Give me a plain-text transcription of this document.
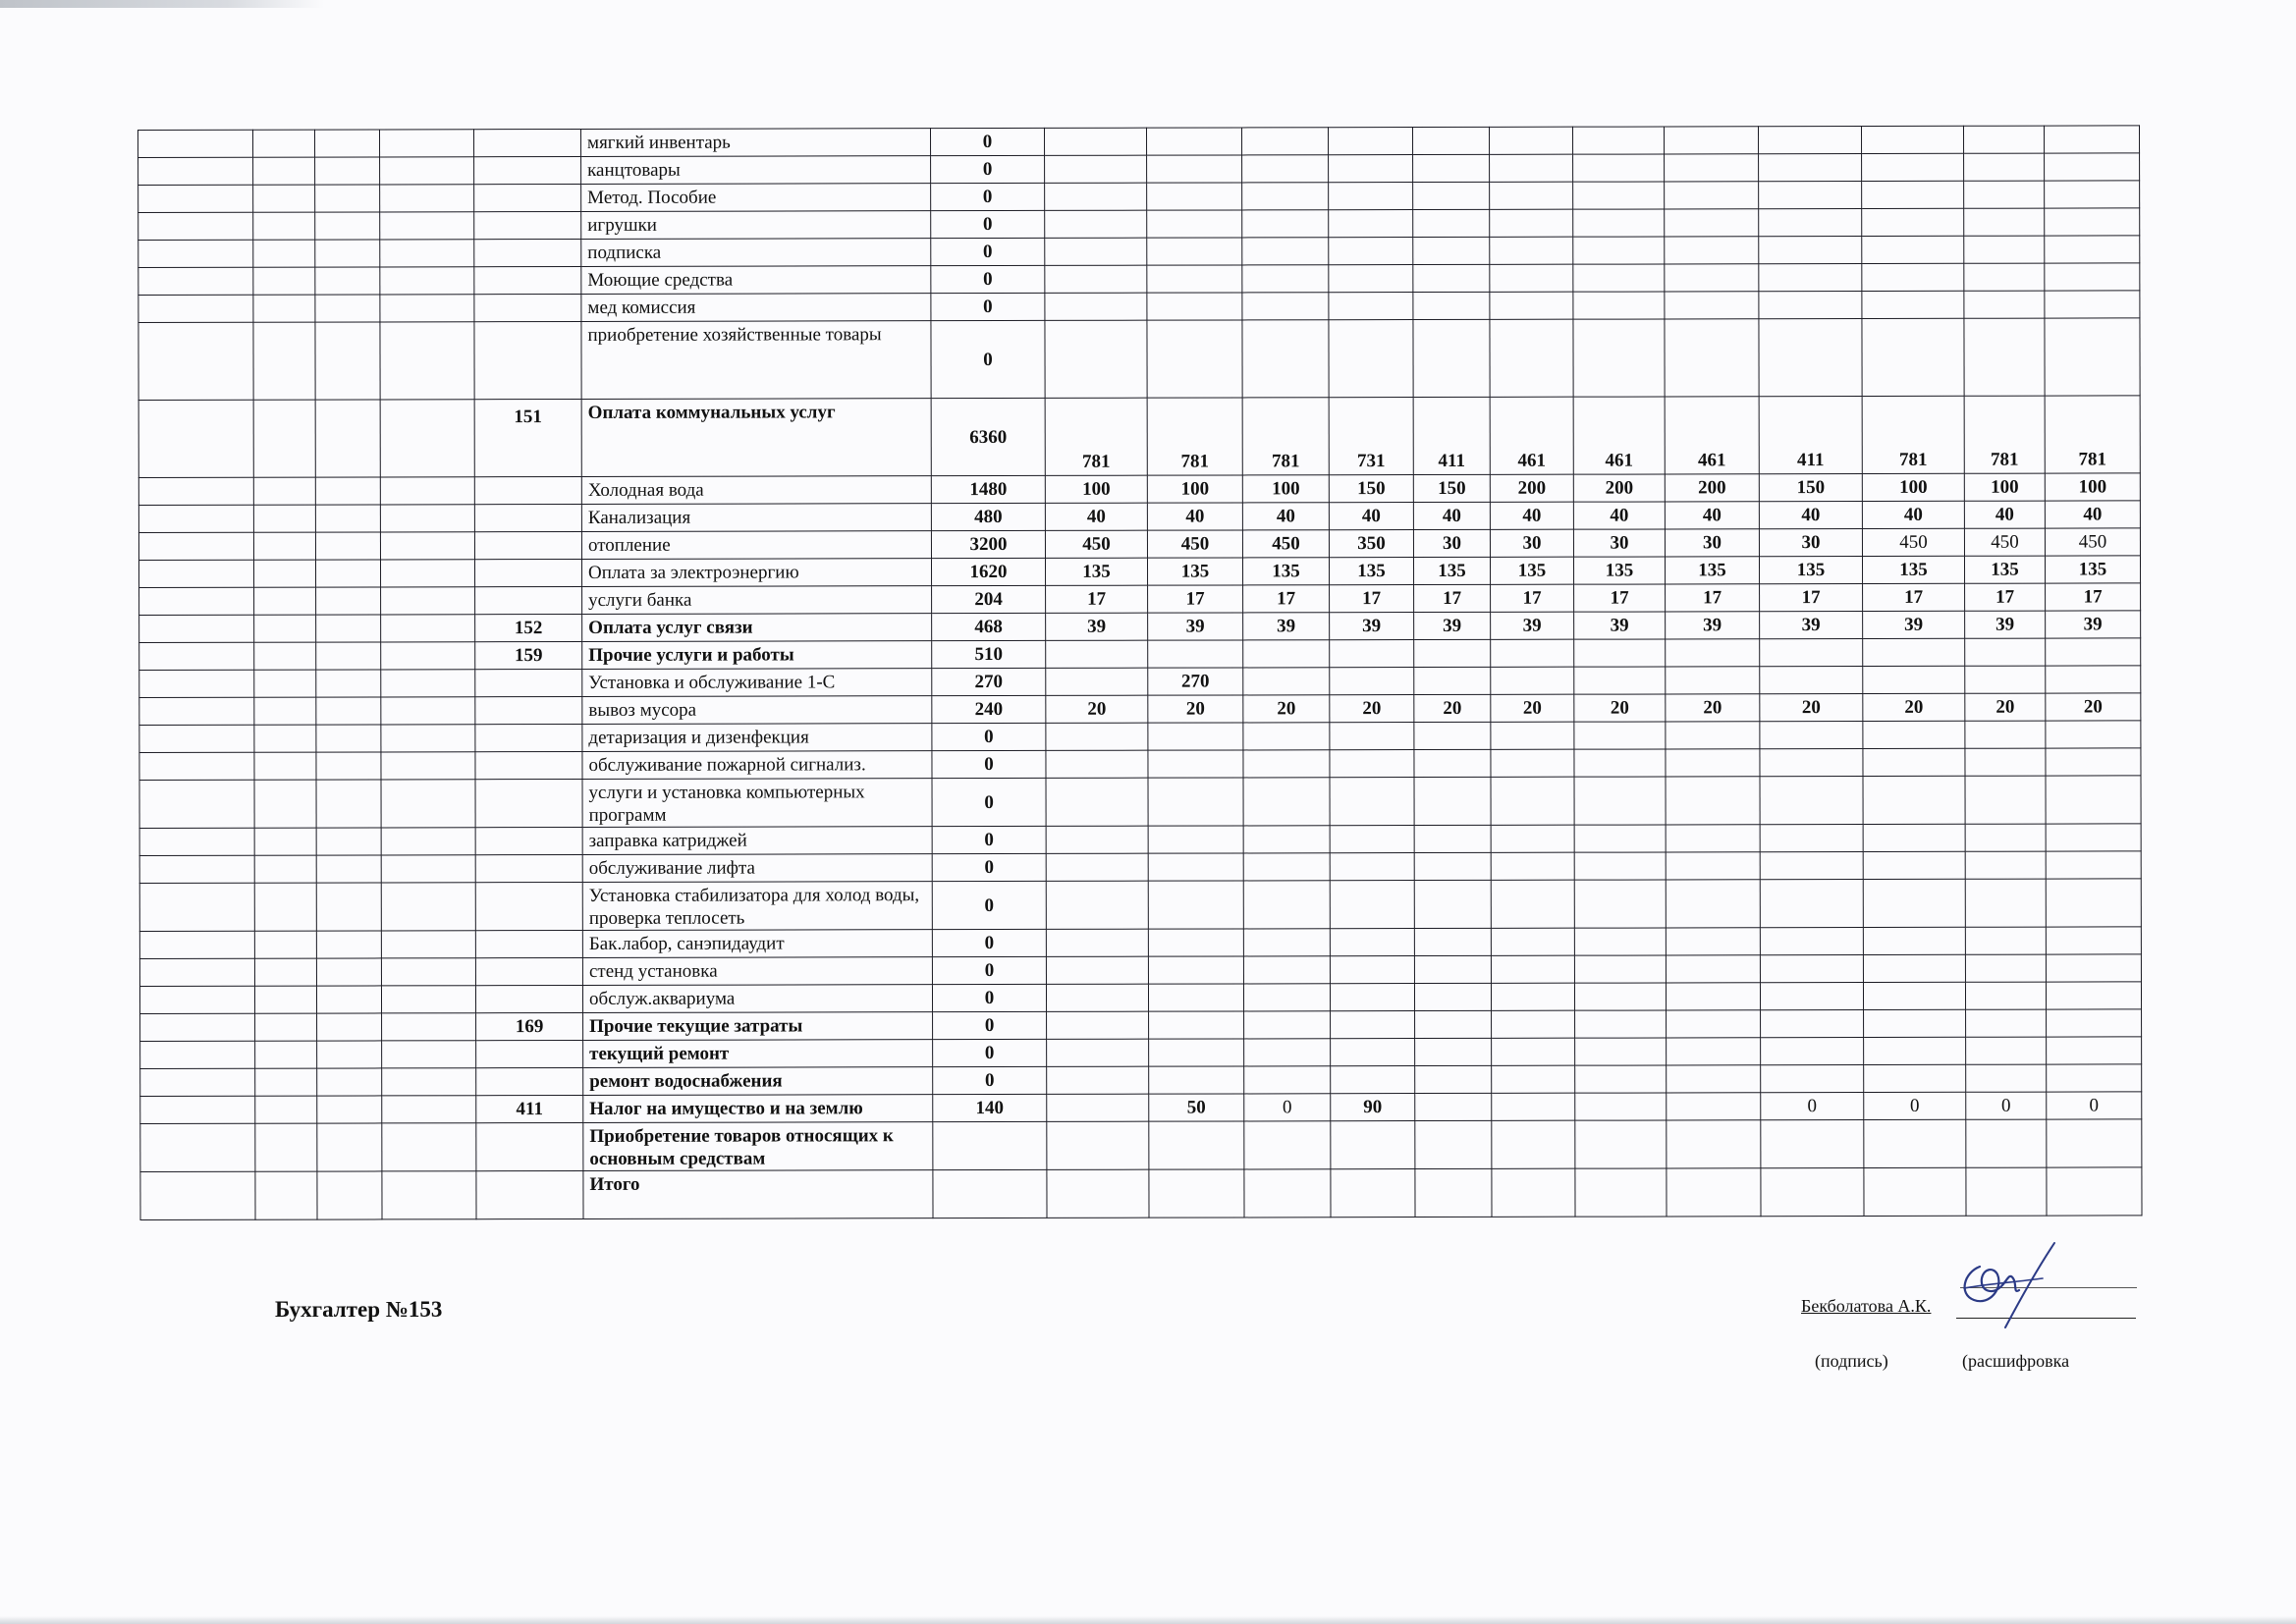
					мягкий инвентарь	0												
					канцтовары	0												
					Метод. Пособие	0												
					игрушки	0												
					подписка	0												
					Моющие средства	0												
					мед комиссия	0												
					приобретение хозяйственные товары	0												
				151	Оплата коммунальных услуг	6360	781	781	781	731	411	461	461	461	411	781	781	781
					Холодная вода	1480	100	100	100	150	150	200	200	200	150	100	100	100
					Канализация	480	40	40	40	40	40	40	40	40	40	40	40	40
					отопление	3200	450	450	450	350	30	30	30	30	30	450	450	450
					Оплата за электроэнергию	1620	135	135	135	135	135	135	135	135	135	135	135	135
					услуги банка	204	17	17	17	17	17	17	17	17	17	17	17	17
				152	Оплата услуг связи	468	39	39	39	39	39	39	39	39	39	39	39	39
				159	Прочие услуги и работы	510												
					Установка и обслуживание 1-С	270		270										
					вывоз мусора	240	20	20	20	20	20	20	20	20	20	20	20	20
					детаризация и дизенфекция	0												
					обслуживание пожарной сигнализ.	0												
					услуги и установка компьютерных программ	0												
					заправка катриджей	0												
					обслуживание лифта	0												
					Установка стабилизатора для холод воды, проверка теплосеть	0												
					Бак.лабор, санэпидаудит	0												
					стенд установка	0												
					обслуж.аквариума	0												
				169	Прочие текущие затраты	0												
					текущий ремонт	0												
					ремонт водоснабжения	0												
				411	Налог на имущество и на землю	140		50	0	90					0	0	0	0
					Приобретение товаров относящих к основным средствам													
					Итого													
Бухгалтер №153	Бекболатова А.К.
(подпись)	(расшифровка
